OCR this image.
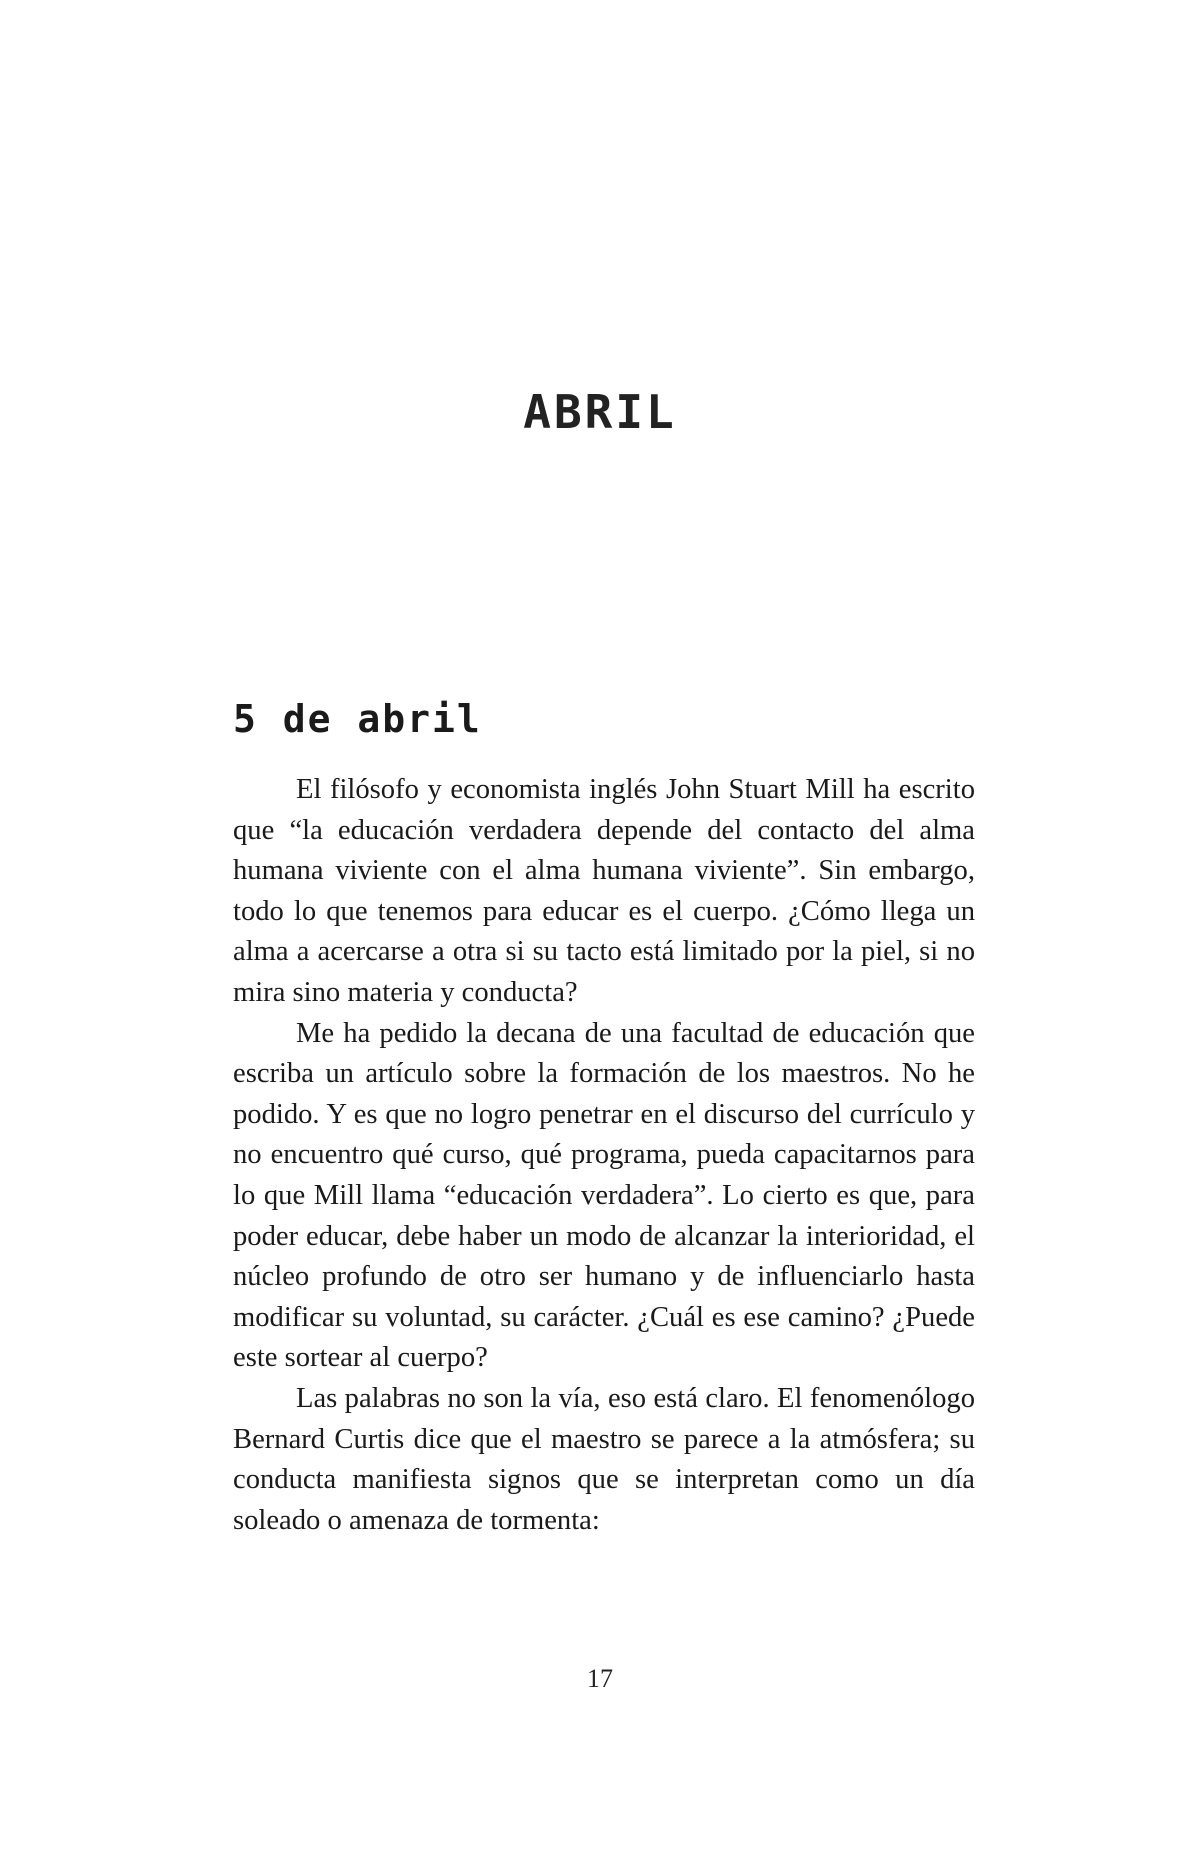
ABRIL
5 de abril

El filósofo y economista inglés John Stuart Mill ha escrito que “la educación verdadera depende del contacto del alma humana viviente con el alma humana viviente”. Sin embargo, todo lo que tenemos para educar es el cuerpo. ¿Cómo llega un alma a acercarse a otra si su tacto está limitado por la piel, si no mira sino materia y conducta?

Me ha pedido la decana de una facultad de educación que escriba un artículo sobre la formación de los maestros. No he podido. Y es que no logro penetrar en el discurso del currículo y no encuentro qué curso, qué programa, pueda capacitarnos para lo que Mill llama “educación verdadera”. Lo cierto es que, para poder educar, debe haber un modo de alcanzar la interioridad, el núcleo profundo de otro ser humano y de influenciarlo hasta modificar su voluntad, su carácter. ¿Cuál es ese camino? ¿Puede este sortear al cuerpo?

Las palabras no son la vía, eso está claro. El fenomenólogo Bernard Curtis dice que el maestro se parece a la atmósfera; su conducta manifiesta signos que se interpretan como un día soleado o amenaza de tormenta:

17
